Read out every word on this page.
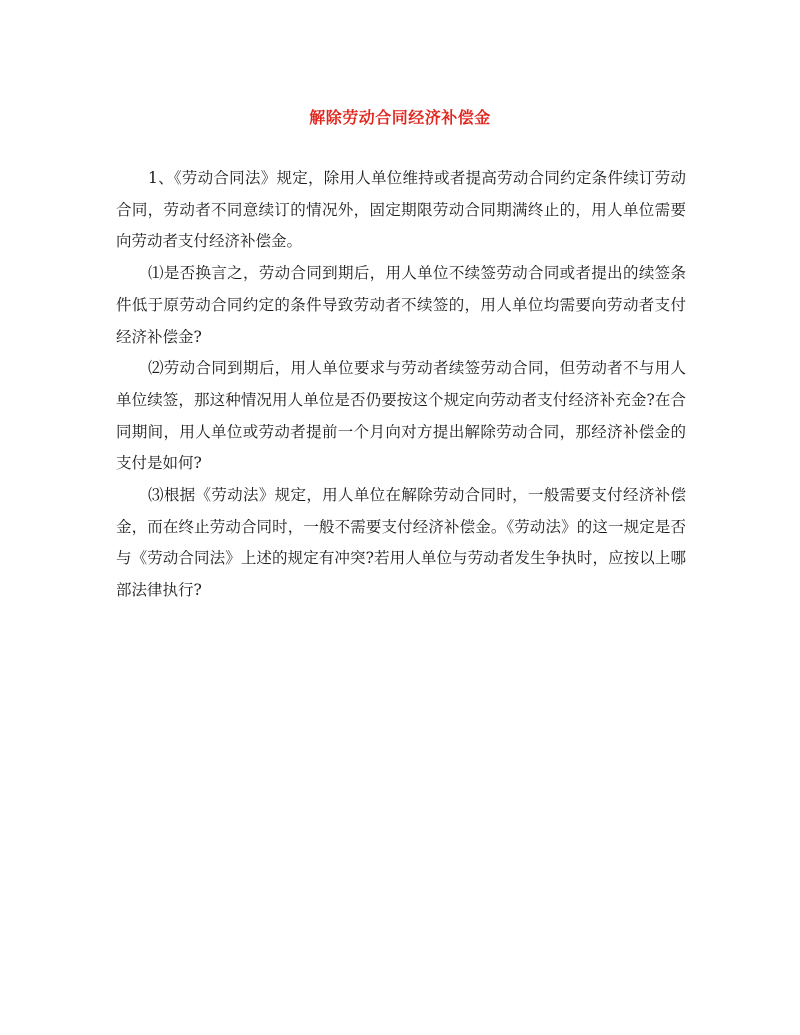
解除劳动合同经济补偿金

1、《劳动合同法》规定，除用人单位维持或者提高劳动合同约定条件续订劳动合同，劳动者不同意续订的情况外，固定期限劳动合同期满终止的，用人单位需要向劳动者支付经济补偿金。

⑴是否换言之，劳动合同到期后，用人单位不续签劳动合同或者提出的续签条件低于原劳动合同约定的条件导致劳动者不续签的，用人单位均需要向劳动者支付经济补偿金?

⑵劳动合同到期后，用人单位要求与劳动者续签劳动合同，但劳动者不与用人单位续签，那这种情况用人单位是否仍要按这个规定向劳动者支付经济补充金?在合同期间，用人单位或劳动者提前一个月向对方提出解除劳动合同，那经济补偿金的支付是如何?

⑶根据《劳动法》规定，用人单位在解除劳动合同时，一般需要支付经济补偿金，而在终止劳动合同时，一般不需要支付经济补偿金。《劳动法》的这一规定是否与《劳动合同法》上述的规定有冲突?若用人单位与劳动者发生争执时，应按以上哪部法律执行?
